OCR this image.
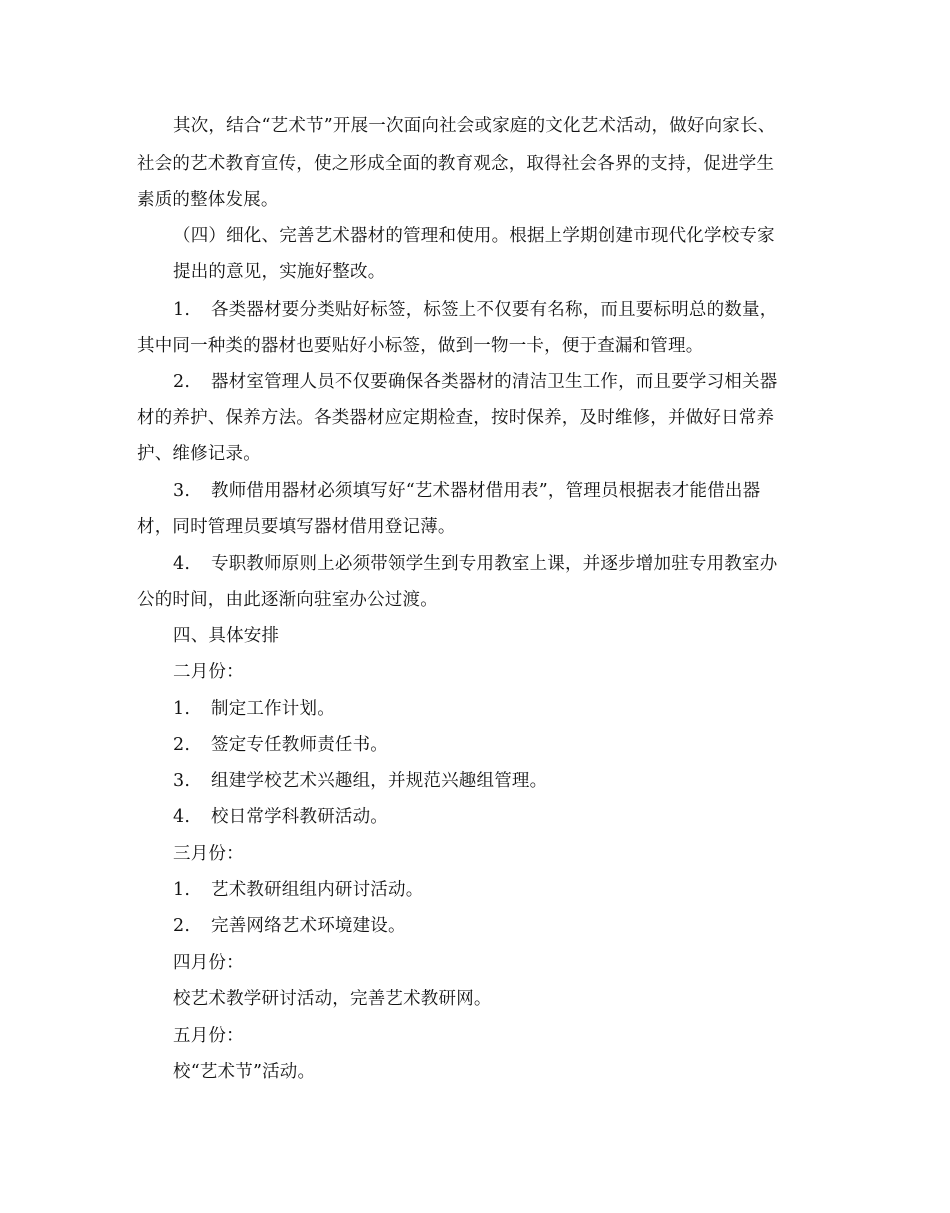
其次，结合“艺术节”开展一次面向社会或家庭的文化艺术活动，做好向家长、
社会的艺术教育宣传，使之形成全面的教育观念，取得社会各界的支持，促进学生
素质的整体发展。
（四）细化、完善艺术器材的管理和使用。根据上学期创建市现代化学校专家
提出的意见，实施好整改。
1. 各类器材要分类贴好标签，标签上不仅要有名称，而且要标明总的数量，
其中同一种类的器材也要贴好小标签，做到一物一卡，便于查漏和管理。
2. 器材室管理人员不仅要确保各类器材的清洁卫生工作，而且要学习相关器
材的养护、保养方法。各类器材应定期检查，按时保养，及时维修，并做好日常养
护、维修记录。
3. 教师借用器材必须填写好“艺术器材借用表”，管理员根据表才能借出器
材，同时管理员要填写器材借用登记薄。
4. 专职教师原则上必须带领学生到专用教室上课，并逐步增加驻专用教室办
公的时间，由此逐渐向驻室办公过渡。
四、具体安排
二月份：
1. 制定工作计划。
2. 签定专任教师责任书。
3. 组建学校艺术兴趣组，并规范兴趣组管理。
4. 校日常学科教研活动。
三月份：
1. 艺术教研组组内研讨活动。
2. 完善网络艺术环境建设。
四月份：
校艺术教学研讨活动，完善艺术教研网。
五月份：
校“艺术节”活动。
